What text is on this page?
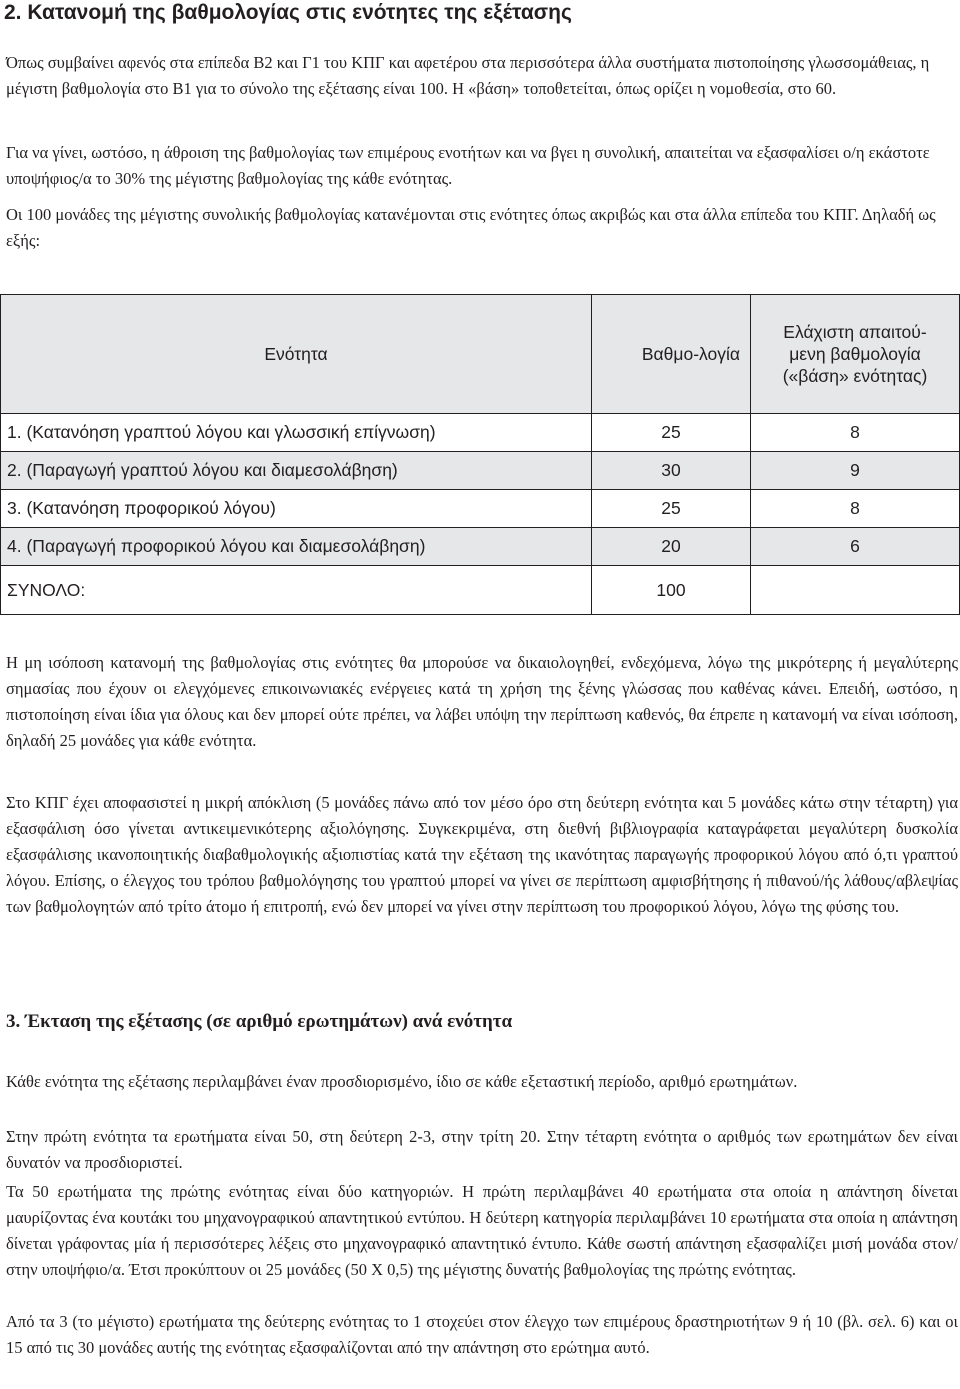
2. Κατανομή της βαθμολογίας στις ενότητες της εξέτασης

Όπως συμβαίνει αφενός στα επίπεδα Β2 και Γ1 του ΚΠΓ και αφετέρου στα περισσότερα άλλα συστήματα πιστοποίησης γλωσσομάθειας, η μέγιστη βαθμολογία στο Β1 για το σύνολο της εξέτασης είναι 100. Η «βάση» τοποθετείται, όπως ορίζει η νομοθεσία, στο 60.

Για να γίνει, ωστόσο, η άθροιση της βαθμολογίας των επιμέρους ενοτήτων και να βγει η συνολική, απαιτείται να εξασφαλίσει ο/η εκάστοτε υποψήφιος/α το 30% της μέγιστης βαθμολογίας της κάθε ενότητας.

Οι 100 μονάδες της μέγιστης συνολικής βαθμολογίας κατανέμονται στις ενότητες όπως ακριβώς και στα άλλα επίπεδα του ΚΠΓ. Δηλαδή ως εξής:

Ενότητα	Βαθμο-λογία	Ελάχιστη απαιτού-
μενη βαθμολογία
(«βάση» ενότητας)
1. (Κατανόηση γραπτού λόγου και γλωσσική επίγνωση)	25	8
2. (Παραγωγή γραπτού λόγου και διαμεσολάβηση)	30	9
3. (Κατανόηση προφορικού λόγου)	25	8
4. (Παραγωγή προφορικού λόγου και διαμεσολάβηση)	20	6
ΣΥΝΟΛΟ:	100	

Η μη ισόποση κατανομή της βαθμολογίας στις ενότητες θα μπορούσε να δικαιολογηθεί, ενδεχόμενα, λόγω της μικρότερης ή μεγαλύτερης σημασίας που έχουν οι ελεγχόμενες επικοινωνιακές ενέργειες κατά τη χρήση της ξένης γλώσσας που καθένας κάνει. Επειδή, ωστόσο, η πιστοποίηση είναι ίδια για όλους και δεν μπορεί ούτε πρέπει, να λάβει υπόψη την περίπτωση καθενός, θα έπρεπε η κατανομή να είναι ισόποση, δηλαδή 25 μονάδες για κάθε ενότητα.

Στο ΚΠΓ έχει αποφασιστεί η μικρή απόκλιση (5 μονάδες πάνω από τον μέσο όρο στη δεύτερη ενότητα και 5 μονάδες κάτω στην τέταρτη) για εξασφάλιση όσο γίνεται αντικειμενικότερης αξιολόγησης. Συγκεκριμένα, στη διεθνή βιβλιογραφία καταγράφεται μεγαλύτερη δυσκολία εξασφάλισης ικανοποιητικής διαβαθμολογικής αξιοπιστίας κατά την εξέταση της ικανότητας παραγωγής προφορικού λόγου από ό,τι γραπτού λόγου. Επίσης, ο έλεγχος του τρόπου βαθμολόγησης του γραπτού μπορεί να γίνει σε περίπτωση αμφισβήτησης ή πιθανού/ής λάθους/αβλεψίας των βαθμολογητών από τρίτο άτομο ή επιτροπή, ενώ δεν μπορεί να γίνει στην περίπτωση του προφορικού λόγου, λόγω της φύσης του.

3. Έκταση της εξέτασης (σε αριθμό ερωτημάτων) ανά ενότητα

Κάθε ενότητα της εξέτασης περιλαμβάνει έναν προσδιορισμένο, ίδιο σε κάθε εξεταστική περίοδο, αριθμό ερωτημάτων.

Στην πρώτη ενότητα τα ερωτήματα είναι 50, στη δεύτερη 2-3, στην τρίτη 20. Στην τέταρτη ενότητα ο αριθμός των ερωτημάτων δεν είναι δυνατόν να προσδιοριστεί.

Τα 50 ερωτήματα της πρώτης ενότητας είναι δύο κατηγοριών. Η πρώτη περιλαμβάνει 40 ερωτήματα στα οποία η απάντηση δίνεται μαυρίζοντας ένα κουτάκι του μηχανογραφικού απαντητικού εντύπου. Η δεύτερη κατηγορία περιλαμβάνει 10 ερωτήματα στα οποία η απάντηση δίνεται γράφοντας μία ή περισσότερες λέξεις στο μηχανογραφικό απαντητικό έντυπο. Κάθε σωστή απάντηση εξασφαλίζει μισή μονάδα στον/στην υποψήφιο/α. Έτσι προκύπτουν οι 25 μονάδες (50 Χ 0,5) της μέγιστης δυνατής βαθμολογίας της πρώτης ενότητας.

Από τα 3 (το μέγιστο) ερωτήματα της δεύτερης ενότητας το 1 στοχεύει στον έλεγχο των επιμέρους δραστηριοτήτων 9 ή 10 (βλ. σελ. 6) και οι 15 από τις 30 μονάδες αυτής της ενότητας εξασφαλίζονται από την απάντηση στο ερώτημα αυτό.
